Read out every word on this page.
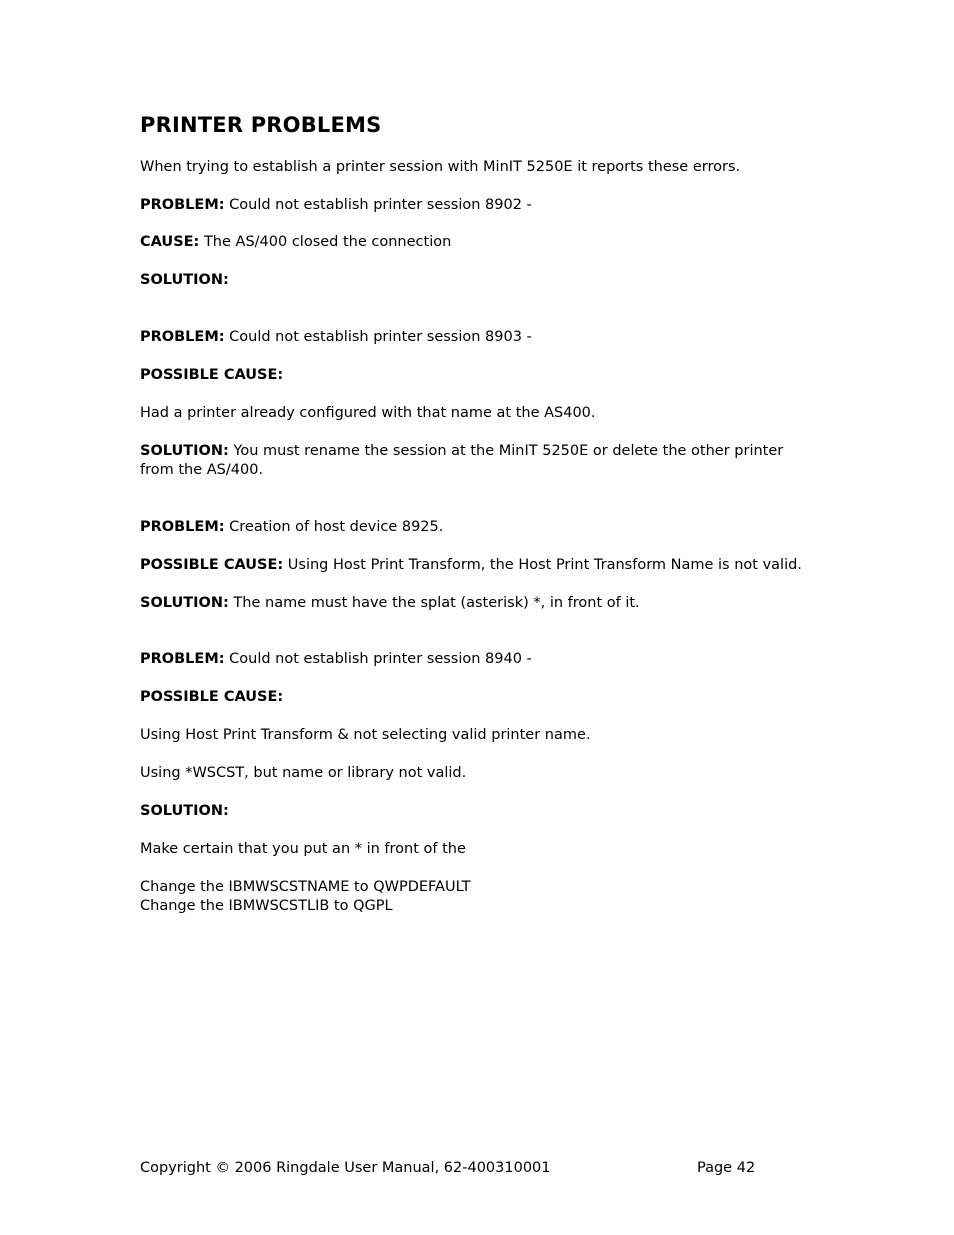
PRINTER PROBLEMS

When trying to establish a printer session with MinIT 5250E it reports these errors.

PROBLEM: Could not establish printer session 8902 -

CAUSE: The AS/400 closed the connection

SOLUTION:

PROBLEM: Could not establish printer session 8903 -

POSSIBLE CAUSE:

Had a printer already configured with that name at the AS400.

SOLUTION: You must rename the session at the MinIT 5250E or delete the other printer

from the AS/400.

PROBLEM: Creation of host device 8925.

POSSIBLE CAUSE: Using Host Print Transform, the Host Print Transform Name is not valid.

SOLUTION: The name must have the splat (asterisk) *, in front of it.

PROBLEM: Could not establish printer session 8940 -

POSSIBLE CAUSE:

Using Host Print Transform & not selecting valid printer name.

Using *WSCST, but name or library not valid.

SOLUTION:

Make certain that you put an * in front of the

Change the IBMWSCSTNAME to QWPDEFAULT

Change the IBMWSCSTLIB to QGPL

Copyright © 2006 Ringdale User Manual, 62-400310001	Page 42
